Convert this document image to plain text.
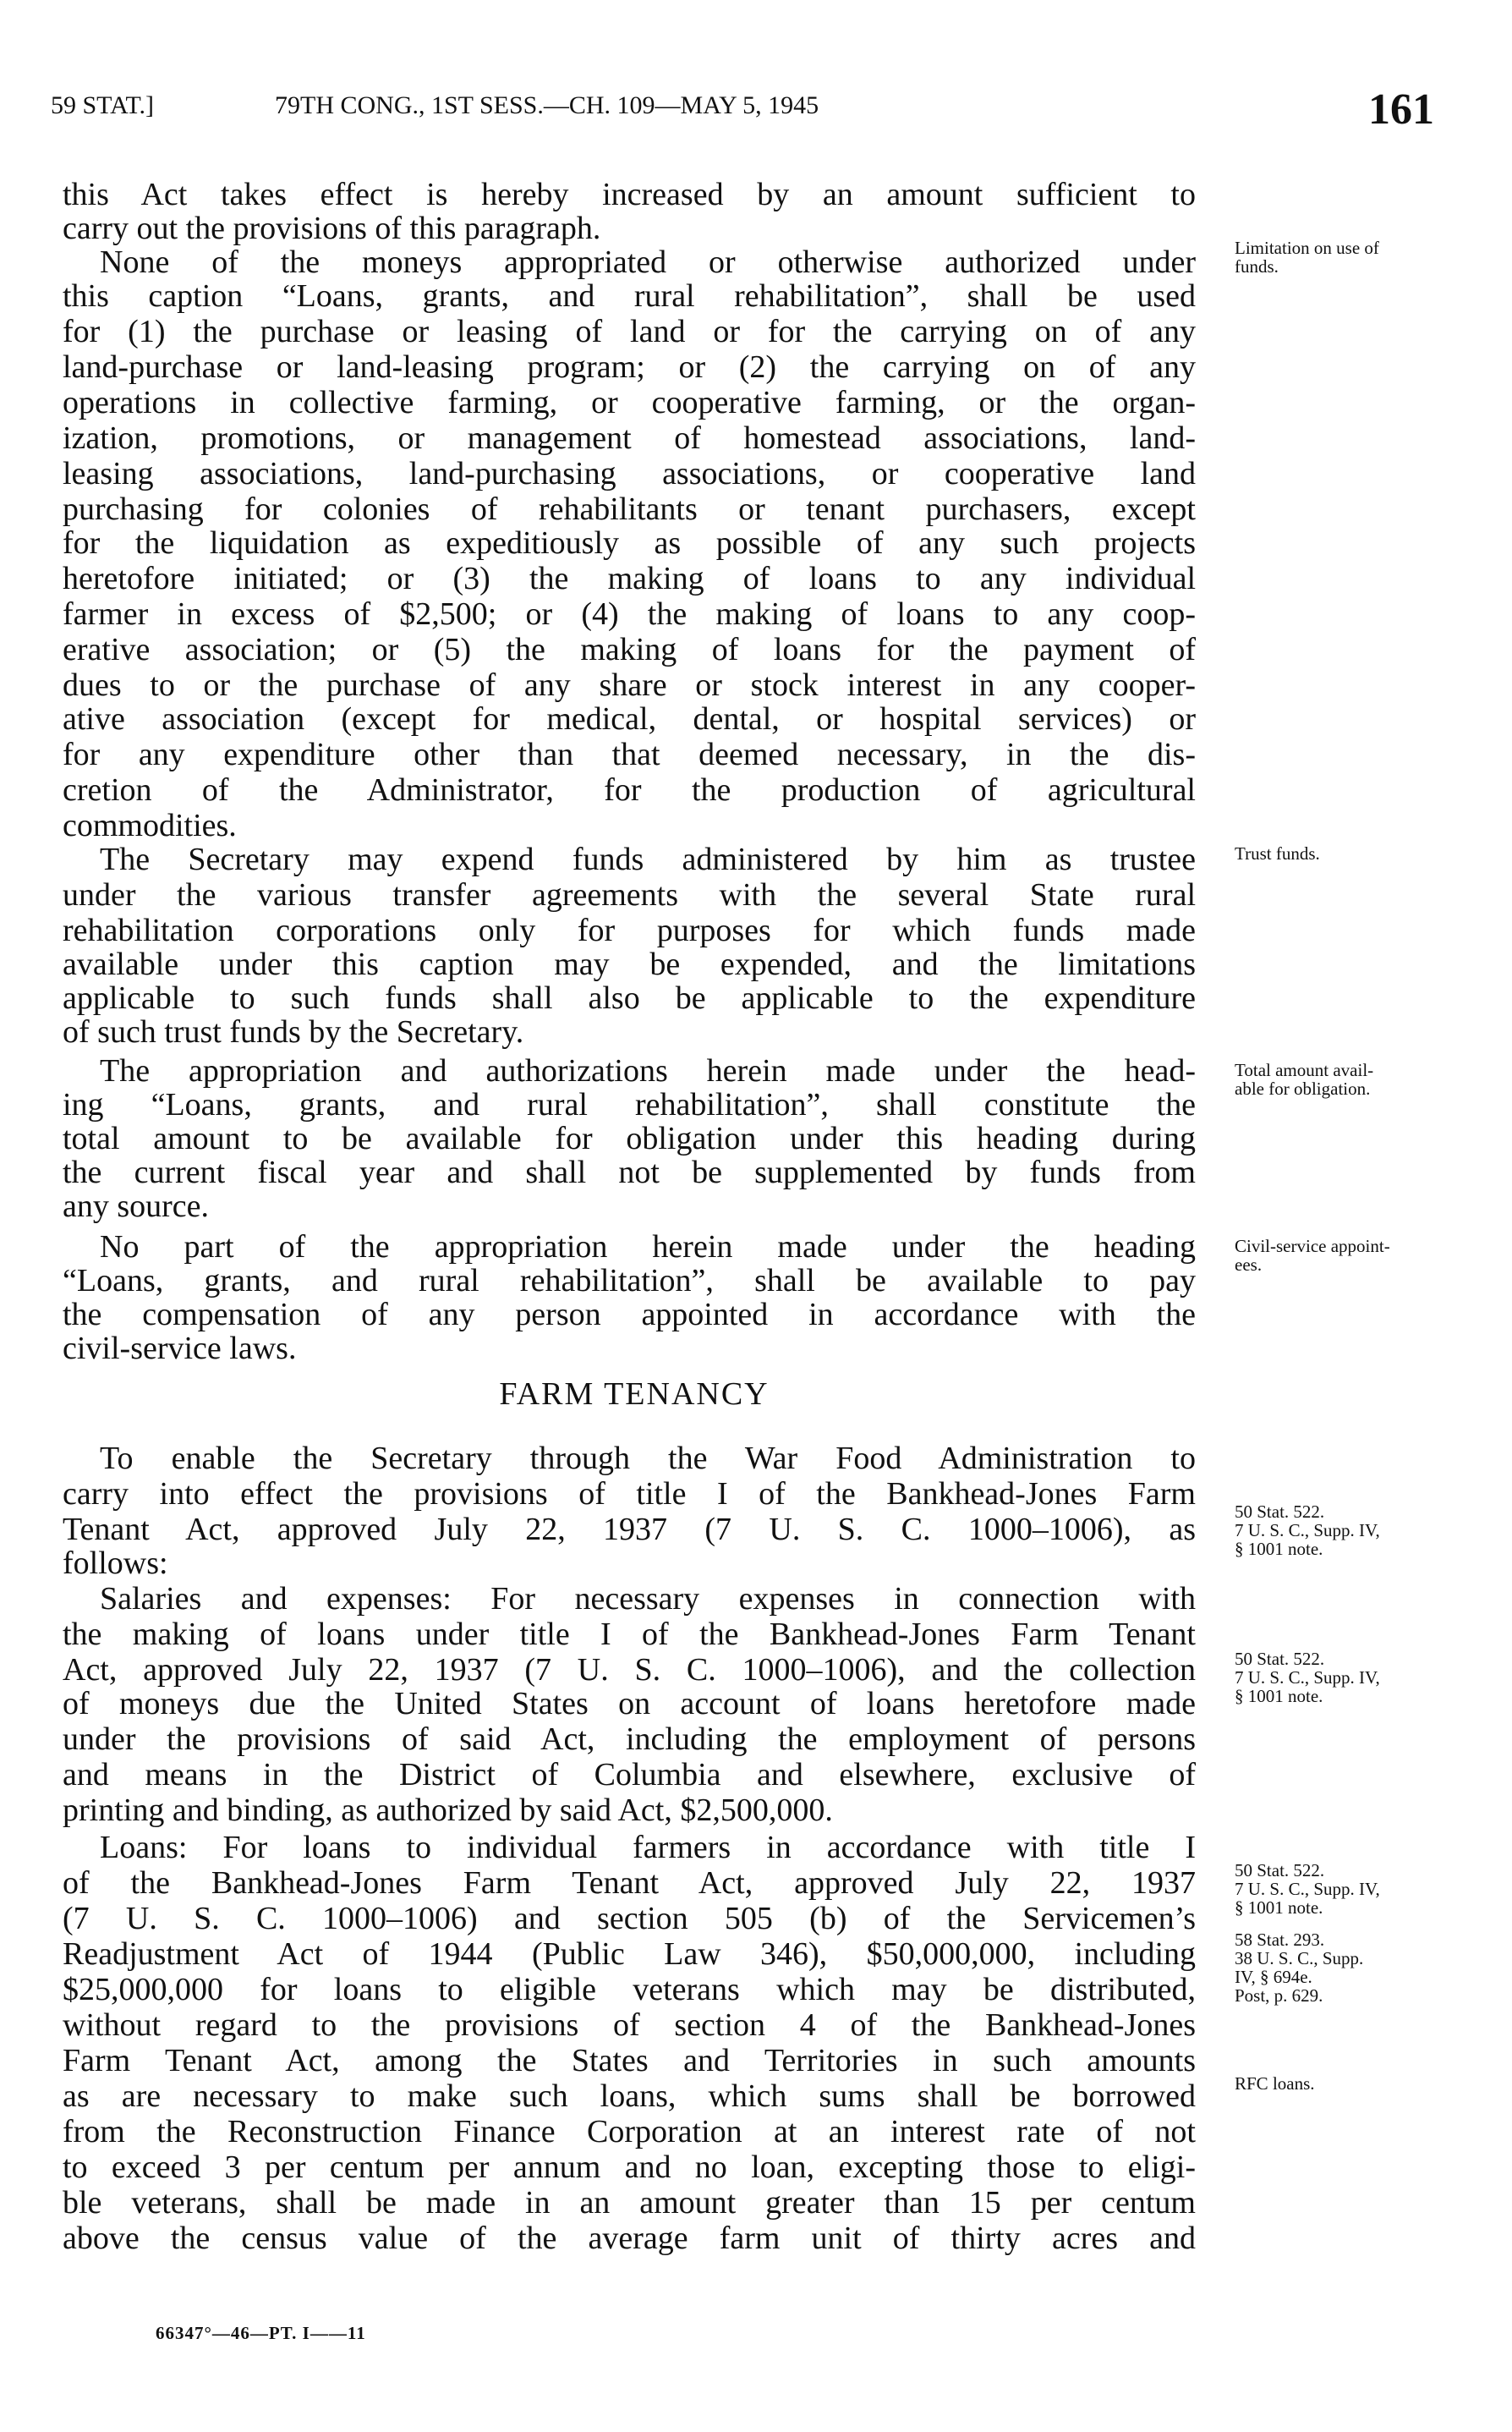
59 STAT.]	79TH CONG., 1ST SESS.—CH. 109—MAY 5, 1945	161
this Act takes effect is hereby increased by an amount sufficient to
carry out the provisions of this paragraph.
None of the moneys appropriated or otherwise authorized under
this caption “Loans, grants, and rural rehabilitation”, shall be used
for (1) the purchase or leasing of land or for the carrying on of any
land-purchase or land-leasing program; or (2) the carrying on of any
operations in collective farming, or cooperative farming, or the organ-
ization, promotions, or management of homestead associations, land-
leasing associations, land-purchasing associations, or cooperative land
purchasing for colonies of rehabilitants or tenant purchasers, except
for the liquidation as expeditiously as possible of any such projects
heretofore initiated; or (3) the making of loans to any individual
farmer in excess of $2,500; or (4) the making of loans to any coop-
erative association; or (5) the making of loans for the payment of
dues to or the purchase of any share or stock interest in any cooper-
ative association (except for medical, dental, or hospital services) or
for any expenditure other than that deemed necessary, in the dis-
cretion of the Administrator, for the production of agricultural
commodities.
The Secretary may expend funds administered by him as trustee
under the various transfer agreements with the several State rural
rehabilitation corporations only for purposes for which funds made
available under this caption may be expended, and the limitations
applicable to such funds shall also be applicable to the expenditure
of such trust funds by the Secretary.
The appropriation and authorizations herein made under the head-
ing “Loans, grants, and rural rehabilitation”, shall constitute the
total amount to be available for obligation under this heading during
the current fiscal year and shall not be supplemented by funds from
any source.
No part of the appropriation herein made under the heading
“Loans, grants, and rural rehabilitation”, shall be available to pay
the compensation of any person appointed in accordance with the
civil-service laws.
To enable the Secretary through the War Food Administration to
carry into effect the provisions of title I of the Bankhead-Jones Farm
Tenant Act, approved July 22, 1937 (7 U. S. C. 1000–1006), as
follows:
Salaries and expenses: For necessary expenses in connection with
the making of loans under title I of the Bankhead-Jones Farm Tenant
Act, approved July 22, 1937 (7 U. S. C. 1000–1006), and the collection
of moneys due the United States on account of loans heretofore made
under the provisions of said Act, including the employment of persons
and means in the District of Columbia and elsewhere, exclusive of
printing and binding, as authorized by said Act, $2,500,000.
Loans: For loans to individual farmers in accordance with title I
of the Bankhead-Jones Farm Tenant Act, approved July 22, 1937
(7 U. S. C. 1000–1006) and section 505 (b) of the Servicemen’s
Readjustment Act of 1944 (Public Law 346), $50,000,000, including
$25,000,000 for loans to eligible veterans which may be distributed,
without regard to the provisions of section 4 of the Bankhead-Jones
Farm Tenant Act, among the States and Territories in such amounts
as are necessary to make such loans, which sums shall be borrowed
from the Reconstruction Finance Corporation at an interest rate of not
to exceed 3 per centum per annum and no loan, excepting those to eligi-
ble veterans, shall be made in an amount greater than 15 per centum
above the census value of the average farm unit of thirty acres and
FARM TENANCY
Limitation on use of
funds.
Trust funds.
Total amount avail-
able for obligation.
Civil-service appoint-
ees.
50 Stat. 522.
7 U. S. C., Supp. IV,
§ 1001 note.
50 Stat. 522.
7 U. S. C., Supp. IV,
§ 1001 note.
50 Stat. 522.
7 U. S. C., Supp. IV,
§ 1001 note.
58 Stat. 293.
38 U. S. C., Supp.
IV, § 694e.
Post, p. 629.
RFC loans.
66347°—46—PT. I——11
